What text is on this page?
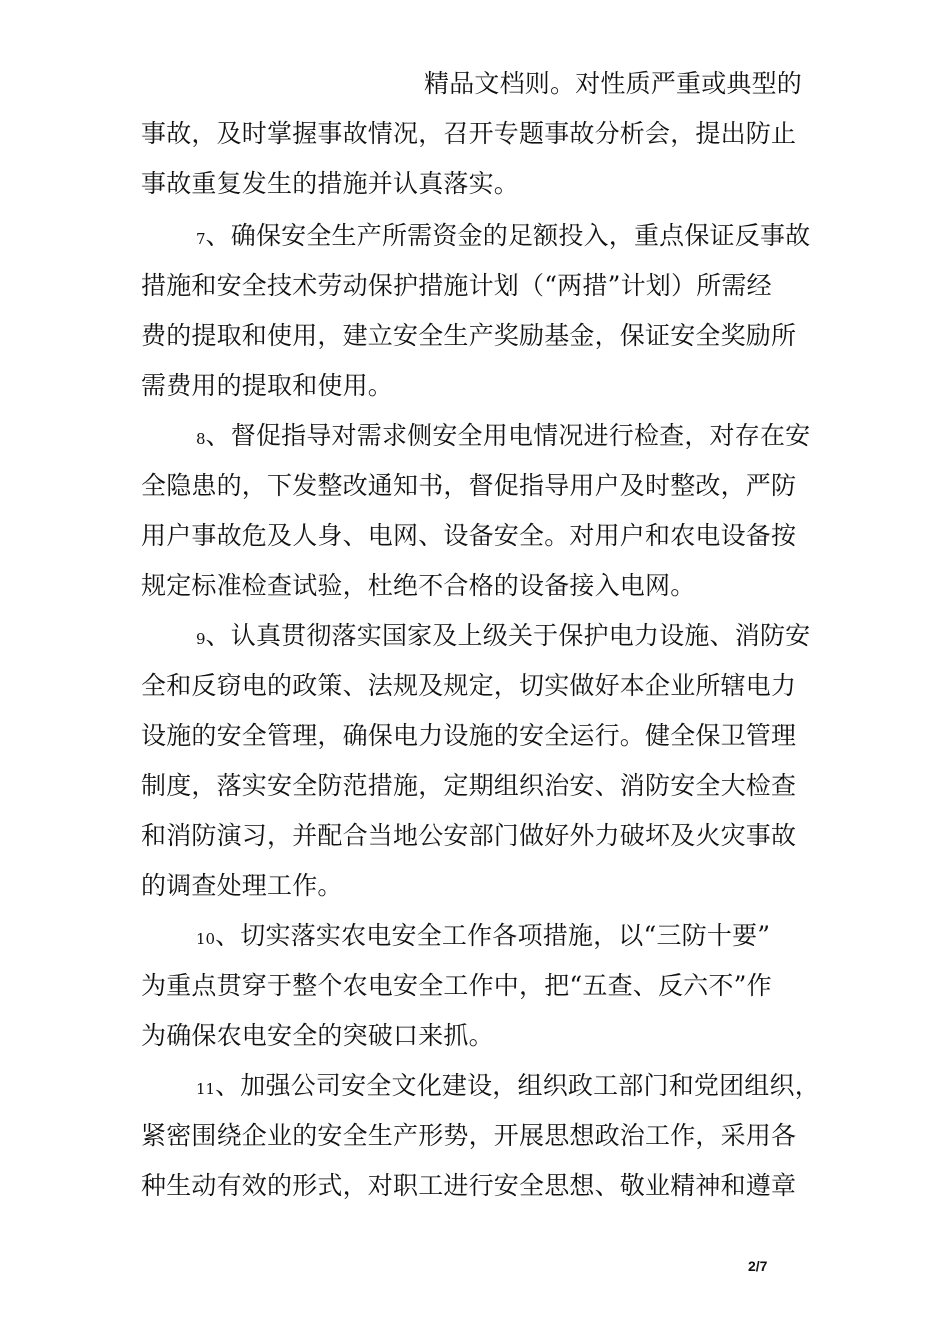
精品文档则。对性质严重或典型的
事故，及时掌握事故情况，召开专题事故分析会，提出防止
事故重复发生的措施并认真落实。
7、确保安全生产所需资金的足额投入，重点保证反事故
措施和安全技术劳动保护措施计划（“两措”计划）所需经
费的提取和使用，建立安全生产奖励基金，保证安全奖励所
需费用的提取和使用。
8、督促指导对需求侧安全用电情况进行检查，对存在安
全隐患的，下发整改通知书，督促指导用户及时整改，严防
用户事故危及人身、电网、设备安全。对用户和农电设备按
规定标准检查试验，杜绝不合格的设备接入电网。
9、认真贯彻落实国家及上级关于保护电力设施、消防安
全和反窃电的政策、法规及规定，切实做好本企业所辖电力
设施的安全管理，确保电力设施的安全运行。健全保卫管理
制度，落实安全防范措施，定期组织治安、消防安全大检查
和消防演习，并配合当地公安部门做好外力破坏及火灾事故
的调查处理工作。
10、切实落实农电安全工作各项措施，以“三防十要”
为重点贯穿于整个农电安全工作中，把“五查、反六不”作
为确保农电安全的突破口来抓。
11、加强公司安全文化建设，组织政工部门和党团组织，
紧密围绕企业的安全生产形势，开展思想政治工作，采用各
种生动有效的形式，对职工进行安全思想、敬业精神和遵章
2/7
